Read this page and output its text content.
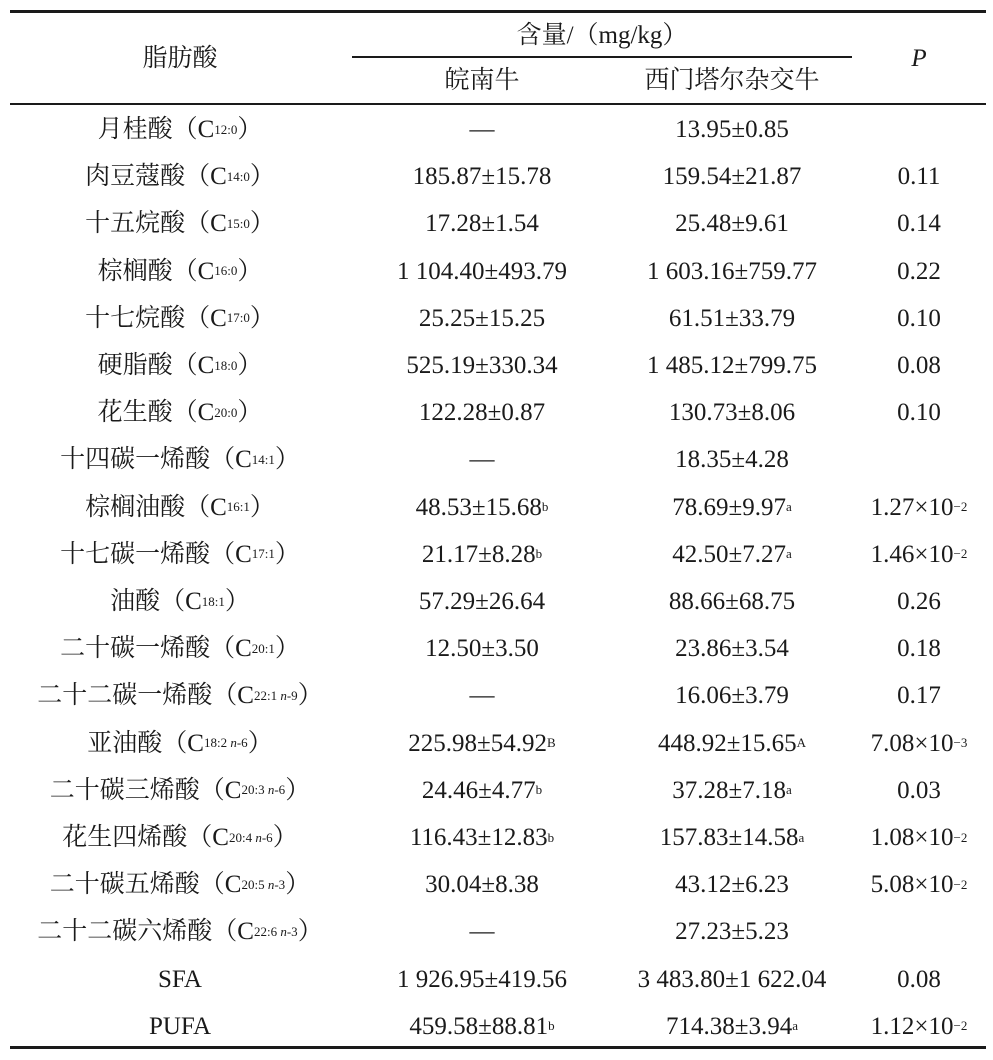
脂肪酸
含量/（mg/kg）
皖南牛	西门塔尔杂交牛
P
月桂酸（C 12:0 ）	—	13.95±0.85
肉豆蔻酸（C 14:0 ）	185.87±15.78	159.54±21.87	0.11
十五烷酸（C 15:0 ）	17.28±1.54	25.48±9.61	0.14
棕榈酸（C 16:0 ）	1 104.40±493.79	1 603.16±759.77	0.22
十七烷酸（C 17:0 ）	25.25±15.25	61.51±33.79	0.10
硬脂酸（C 18:0 ）	525.19±330.34	1 485.12±799.75	0.08
花生酸（C 20:0 ）	122.28±0.87	130.73±8.06	0.10
十四碳一烯酸（C 14:1 ）	—	18.35±4.28
棕榈油酸（C 16:1 ）	48.53±15.68 b	78.69±9.97 a	1.27×10 −2
十七碳一烯酸（C 17:1 ）	21.17±8.28 b	42.50±7.27 a	1.46×10 −2
油酸（C 18:1 ）	57.29±26.64	88.66±68.75	0.26
二十碳一烯酸（C 20:1 ）	12.50±3.50	23.86±3.54	0.18
二十二碳一烯酸（C 22:1 n-9 ）	—	16.06±3.79	0.17
亚油酸（C 18:2 n-6 ）	225.98±54.92 B	448.92±15.65 A	7.08×10 −3
二十碳三烯酸（C 20:3 n-6 ）	24.46±4.77 b	37.28±7.18 a	0.03
花生四烯酸（C 20:4 n-6 ）	116.43±12.83 b	157.83±14.58 a	1.08×10 −2
二十碳五烯酸（C 20:5 n-3 ）	30.04±8.38	43.12±6.23	5.08×10 −2
二十二碳六烯酸（C 22:6 n-3 ）	—	27.23±5.23
SFA	1 926.95±419.56	3 483.80±1 622.04	0.08
PUFA	459.58±88.81 b	714.38±3.94 a	1.12×10 −2
